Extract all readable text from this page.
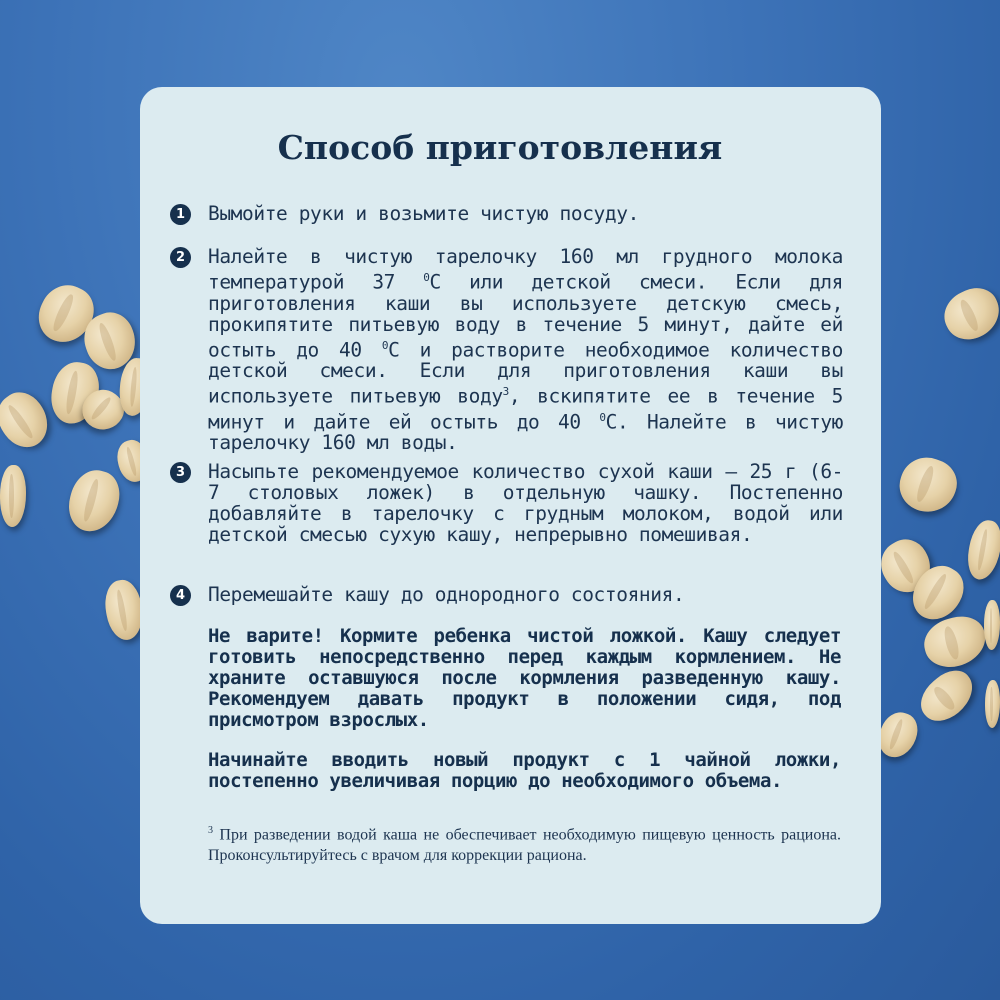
Способ приготовления
1	Вымойте руки и возьмите чистую посуду.
2	Налейте в чистую тарелочку 160 мл грудного молока температурой 37 $^0$С или детской смеси. Если для приготовления каши вы используете детскую смесь, прокипятите питьевую воду в течение 5 минут, дайте ей остыть до 40 $^0$С и растворите необходимое количество детской смеси. Если для приготовления каши вы используете питьевую воду$^3$, вскипятите ее в течение 5 минут и дайте ей остыть до 40 $^0$С. Налейте в чистую тарелочку 160 мл воды.
3	Насыпьте рекомендуемое количество сухой каши – 25 г (6-7 столовых ложек) в отдельную чашку. Постепенно добавляйте в тарелочку с грудным молоком, водой или детской смесью сухую кашу, непрерывно помешивая.
4	Перемешайте кашу до однородного состояния.

Не варите! Кормите ребенка чистой ложкой. Кашу следует готовить непосредственно перед каждым кормлением. Не храните оставшуюся после кормления разведенную кашу. Рекомендуем давать продукт в положении сидя, под присмотром взрослых.

Начинайте вводить новый продукт с 1 чайной ложки, постепенно увеличивая порцию до необходимого объема.

$^3$ При разведении водой каша не обеспечивает необходимую пищевую ценность рациона. Проконсультируйтесь с врачом для коррекции рациона.
